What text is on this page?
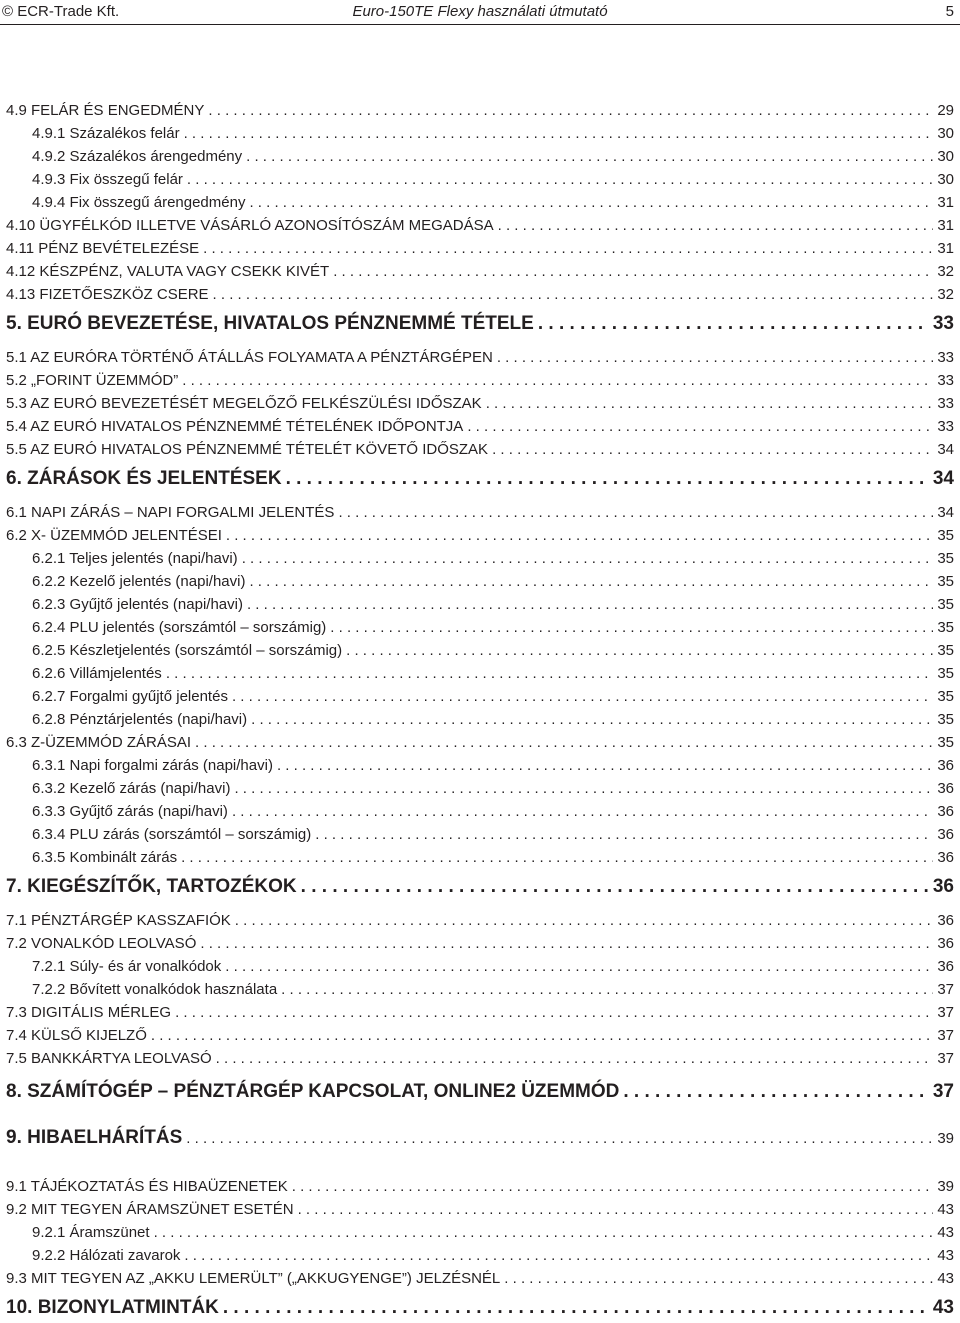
© ECR-Trade Kft.	Euro-150TE Flexy használati útmutató	5
4.9 FELÁR ÉS ENGEDMÉNY . . .	29
4.9.1 Százalékos felár . . .	30
4.9.2 Százalékos árengedmény . . .	30
4.9.3 Fix összegű felár . . .	30
4.9.4 Fix összegű árengedmény . . .	31
4.10 ÜGYFÉLKÓD ILLETVE VÁSÁRLÓ AZONOSÍTÓSZÁM MEGADÁSA . . .	31
4.11 PÉNZ BEVÉTELEZÉSE . . .	31
4.12 KÉSZPÉNZ, VALUTA VAGY CSEKK KIVÉT . . .	32
4.13 FIZETŐESZKÖZ CSERE . . .	32
5. EURÓ BEVEZETÉSE, HIVATALOS PÉNZNEMMÉ TÉTELE . . .	33
5.1 AZ EURÓRA TÖRTÉNŐ ÁTÁLLÁS FOLYAMATA A PÉNZTÁRGÉPEN . . .	33
5.2 „FORINT ÜZEMMÓD” . . .	33
5.3 AZ EURÓ BEVEZETÉSÉT MEGELŐZŐ FELKÉSZÜLÉSI IDŐSZAK . . .	33
5.4 AZ EURÓ HIVATALOS PÉNZNEMMÉ TÉTELÉNEK IDŐPONTJA . . .	33
5.5 AZ EURÓ HIVATALOS PÉNZNEMMÉ TÉTELÉT KÖVETŐ IDŐSZAK . . .	34
6. ZÁRÁSOK ÉS JELENTÉSEK . . .	34
6.1 NAPI ZÁRÁS – NAPI FORGALMI JELENTÉS . . .	34
6.2 X- ÜZEMMÓD JELENTÉSEI . . .	35
6.2.1 Teljes jelentés (napi/havi) . . .	35
6.2.2 Kezelő jelentés (napi/havi) . . .	35
6.2.3 Gyűjtő jelentés (napi/havi) . . .	35
6.2.4 PLU jelentés (sorszámtól – sorszámig) . . .	35
6.2.5 Készletjelentés (sorszámtól – sorszámig) . . .	35
6.2.6 Villámjelentés . . .	35
6.2.7 Forgalmi gyűjtő jelentés . . .	35
6.2.8 Pénztárjelentés (napi/havi) . . .	35
6.3 Z-ÜZEMMÓD ZÁRÁSAI . . .	35
6.3.1 Napi forgalmi zárás (napi/havi) . . .	36
6.3.2 Kezelő zárás (napi/havi) . . .	36
6.3.3 Gyűjtő zárás (napi/havi) . . .	36
6.3.4 PLU zárás (sorszámtól – sorszámig) . . .	36
6.3.5 Kombinált zárás . . .	36
7. KIEGÉSZÍTŐK, TARTOZÉKOK . . .	36
7.1 PÉNZTÁRGÉP KASSZAFIÓK . . .	36
7.2 VONALKÓD LEOLVASÓ . . .	36
7.2.1 Súly- és ár vonalkódok . . .	36
7.2.2 Bővített vonalkódok használata . . .	37
7.3 DIGITÁLIS MÉRLEG . . .	37
7.4 KÜLSŐ KIJELZŐ . . .	37
7.5 BANKKÁRTYA LEOLVASÓ . . .	37
8. SZÁMÍTÓGÉP – PÉNZTÁRGÉP KAPCSOLAT, ONLINE2 ÜZEMMÓD . . .	37
9. HIBAELHÁRÍTÁS . . .	39
9.1 TÁJÉKOZTATÁS ÉS HIBAÜZENETEK . . .	39
9.2 MIT TEGYEN ÁRAMSZÜNET ESETÉN . . .	43
9.2.1 Áramszünet . . .	43
9.2.2 Hálózati zavarok . . .	43
9.3 MIT TEGYEN AZ „AKKU LEMERÜLT” („AKKUGYENGE”) JELZÉSNÉL . . .	43
10. BIZONYLATMINTÁK . . .	43
